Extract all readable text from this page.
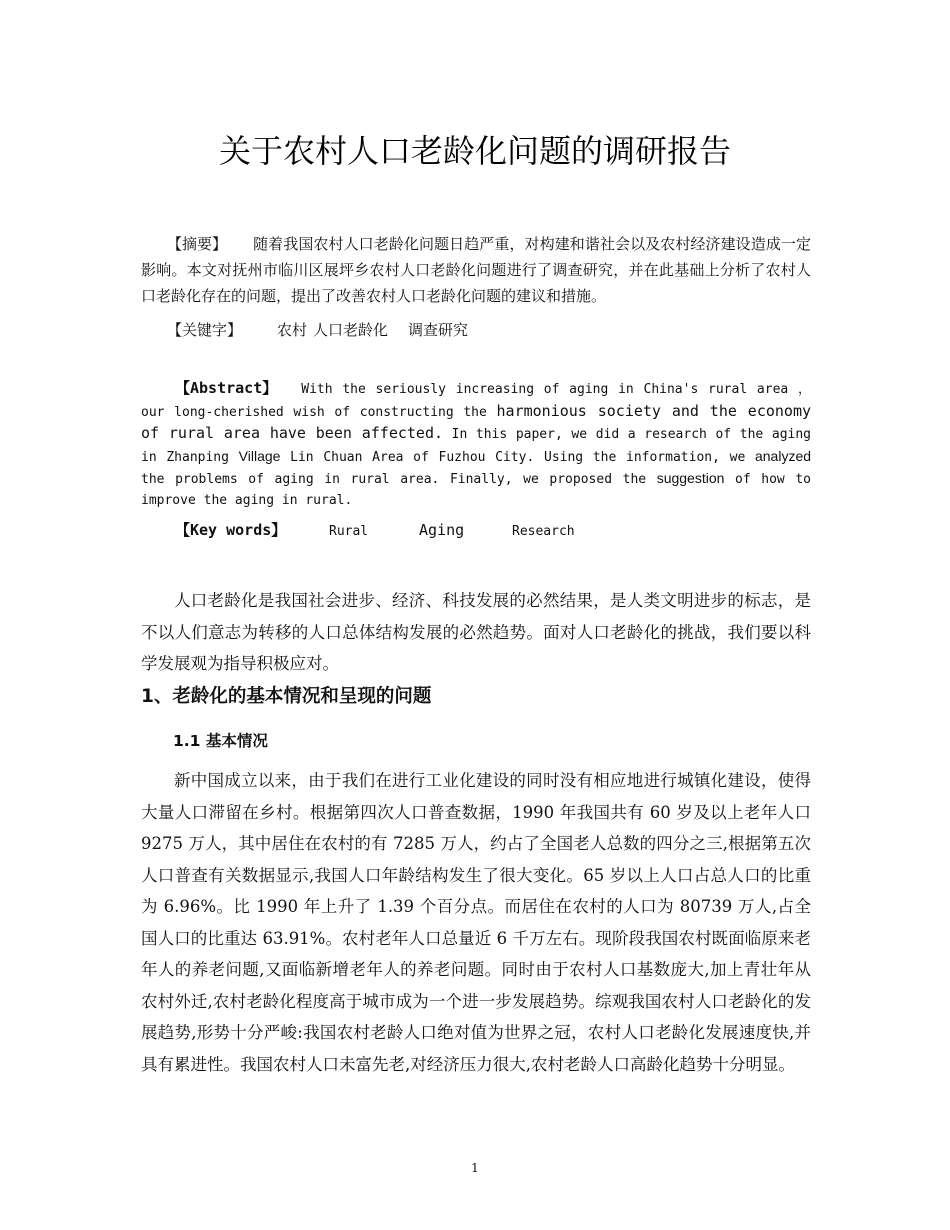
关于农村人口老龄化问题的调研报告
【摘要】 随着我国农村人口老龄化问题日趋严重，对构建和谐社会以及农村经济建设造成一定影响。本文对抚州市临川区展坪乡农村人口老龄化问题进行了调查研究，并在此基础上分析了农村人口老龄化存在的问题，提出了改善农村人口老龄化问题的建议和措施。
【关键字】 农村 人口老龄化 调查研究
【Abstract】 With the seriously increasing of aging in China's rural area ，our long-cherished wish of constructing the harmonious society and the economy of rural area have been affected. In this paper, we did a research of the aging in Zhanping Village Lin Chuan Area of Fuzhou City. Using the information, we analyzed the problems of aging in rural area. Finally, we proposed the suggestion of how to improve the aging in rural.
【Key words】	Rural	Aging	Research

人口老龄化是我国社会进步、经济、科技发展的必然结果，是人类文明进步的标志，是不以人们意志为转移的人口总体结构发展的必然趋势。面对人口老龄化的挑战，我们要以科学发展观为指导积极应对。

1、老龄化的基本情况和呈现的问题
1.1 基本情况

新中国成立以来，由于我们在进行工业化建设的同时没有相应地进行城镇化建设，使得大量人口滞留在乡村。根据第四次人口普查数据，1990 年我国共有 60 岁及以上老年人口 9275 万人，其中居住在农村的有 7285 万人，约占了全国老人总数的四分之三,根据第五次人口普查有关数据显示,我国人口年龄结构发生了很大变化。65 岁以上人口占总人口的比重为 6.96%。比 1990 年上升了 1.39 个百分点。而居住在农村的人口为 80739 万人,占全国人口的比重达 63.91%。农村老年人口总量近 6 千万左右。现阶段我国农村既面临原来老年人的养老问题,又面临新增老年人的养老问题。同时由于农村人口基数庞大,加上青壮年从农村外迁,农村老龄化程度高于城市成为一个进一步发展趋势。综观我国农村人口老龄化的发展趋势,形势十分严峻:我国农村老龄人口绝对值为世界之冠，农村人口老龄化发展速度快,并具有累进性。我国农村人口未富先老,对经济压力很大,农村老龄人口高龄化趋势十分明显。

1
